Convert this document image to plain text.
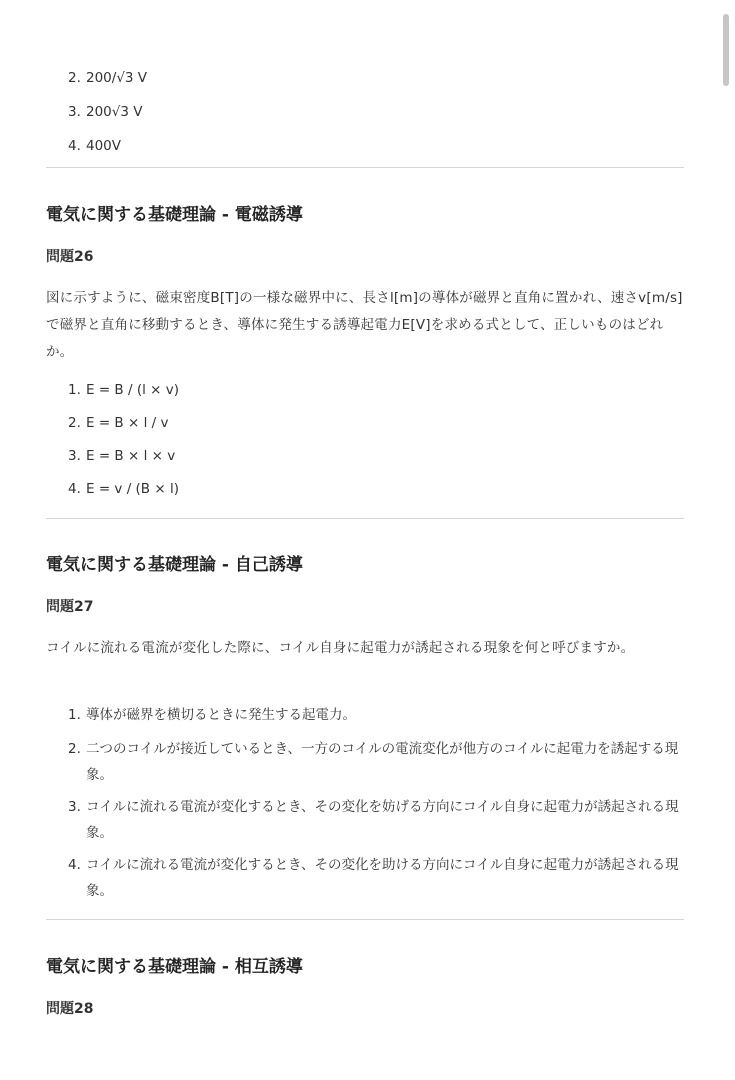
2. 200/√3 V
3. 200√3 V
4. 400V
電気に関する基礎理論 - 電磁誘導
問題26
図に示すように、磁束密度B[T]の一様な磁界中に、長さl[m]の導体が磁界と直角に置かれ、速さv[m/s]で磁界と直角に移動するとき、導体に発生する誘導起電力E[V]を求める式として、正しいものはどれか。
1. E = B / (l × v)
2. E = B × l / v
3. E = B × l × v
4. E = v / (B × l)
電気に関する基礎理論 - 自己誘導
問題27
コイルに流れる電流が変化した際に、コイル自身に起電力が誘起される現象を何と呼びますか。
1. 導体が磁界を横切るときに発生する起電力。
2. 二つのコイルが接近しているとき、一方のコイルの電流変化が他方のコイルに起電力を誘起する現象。
3. コイルに流れる電流が変化するとき、その変化を妨げる方向にコイル自身に起電力が誘起される現象。
4. コイルに流れる電流が変化するとき、その変化を助ける方向にコイル自身に起電力が誘起される現象。
電気に関する基礎理論 - 相互誘導
問題28
